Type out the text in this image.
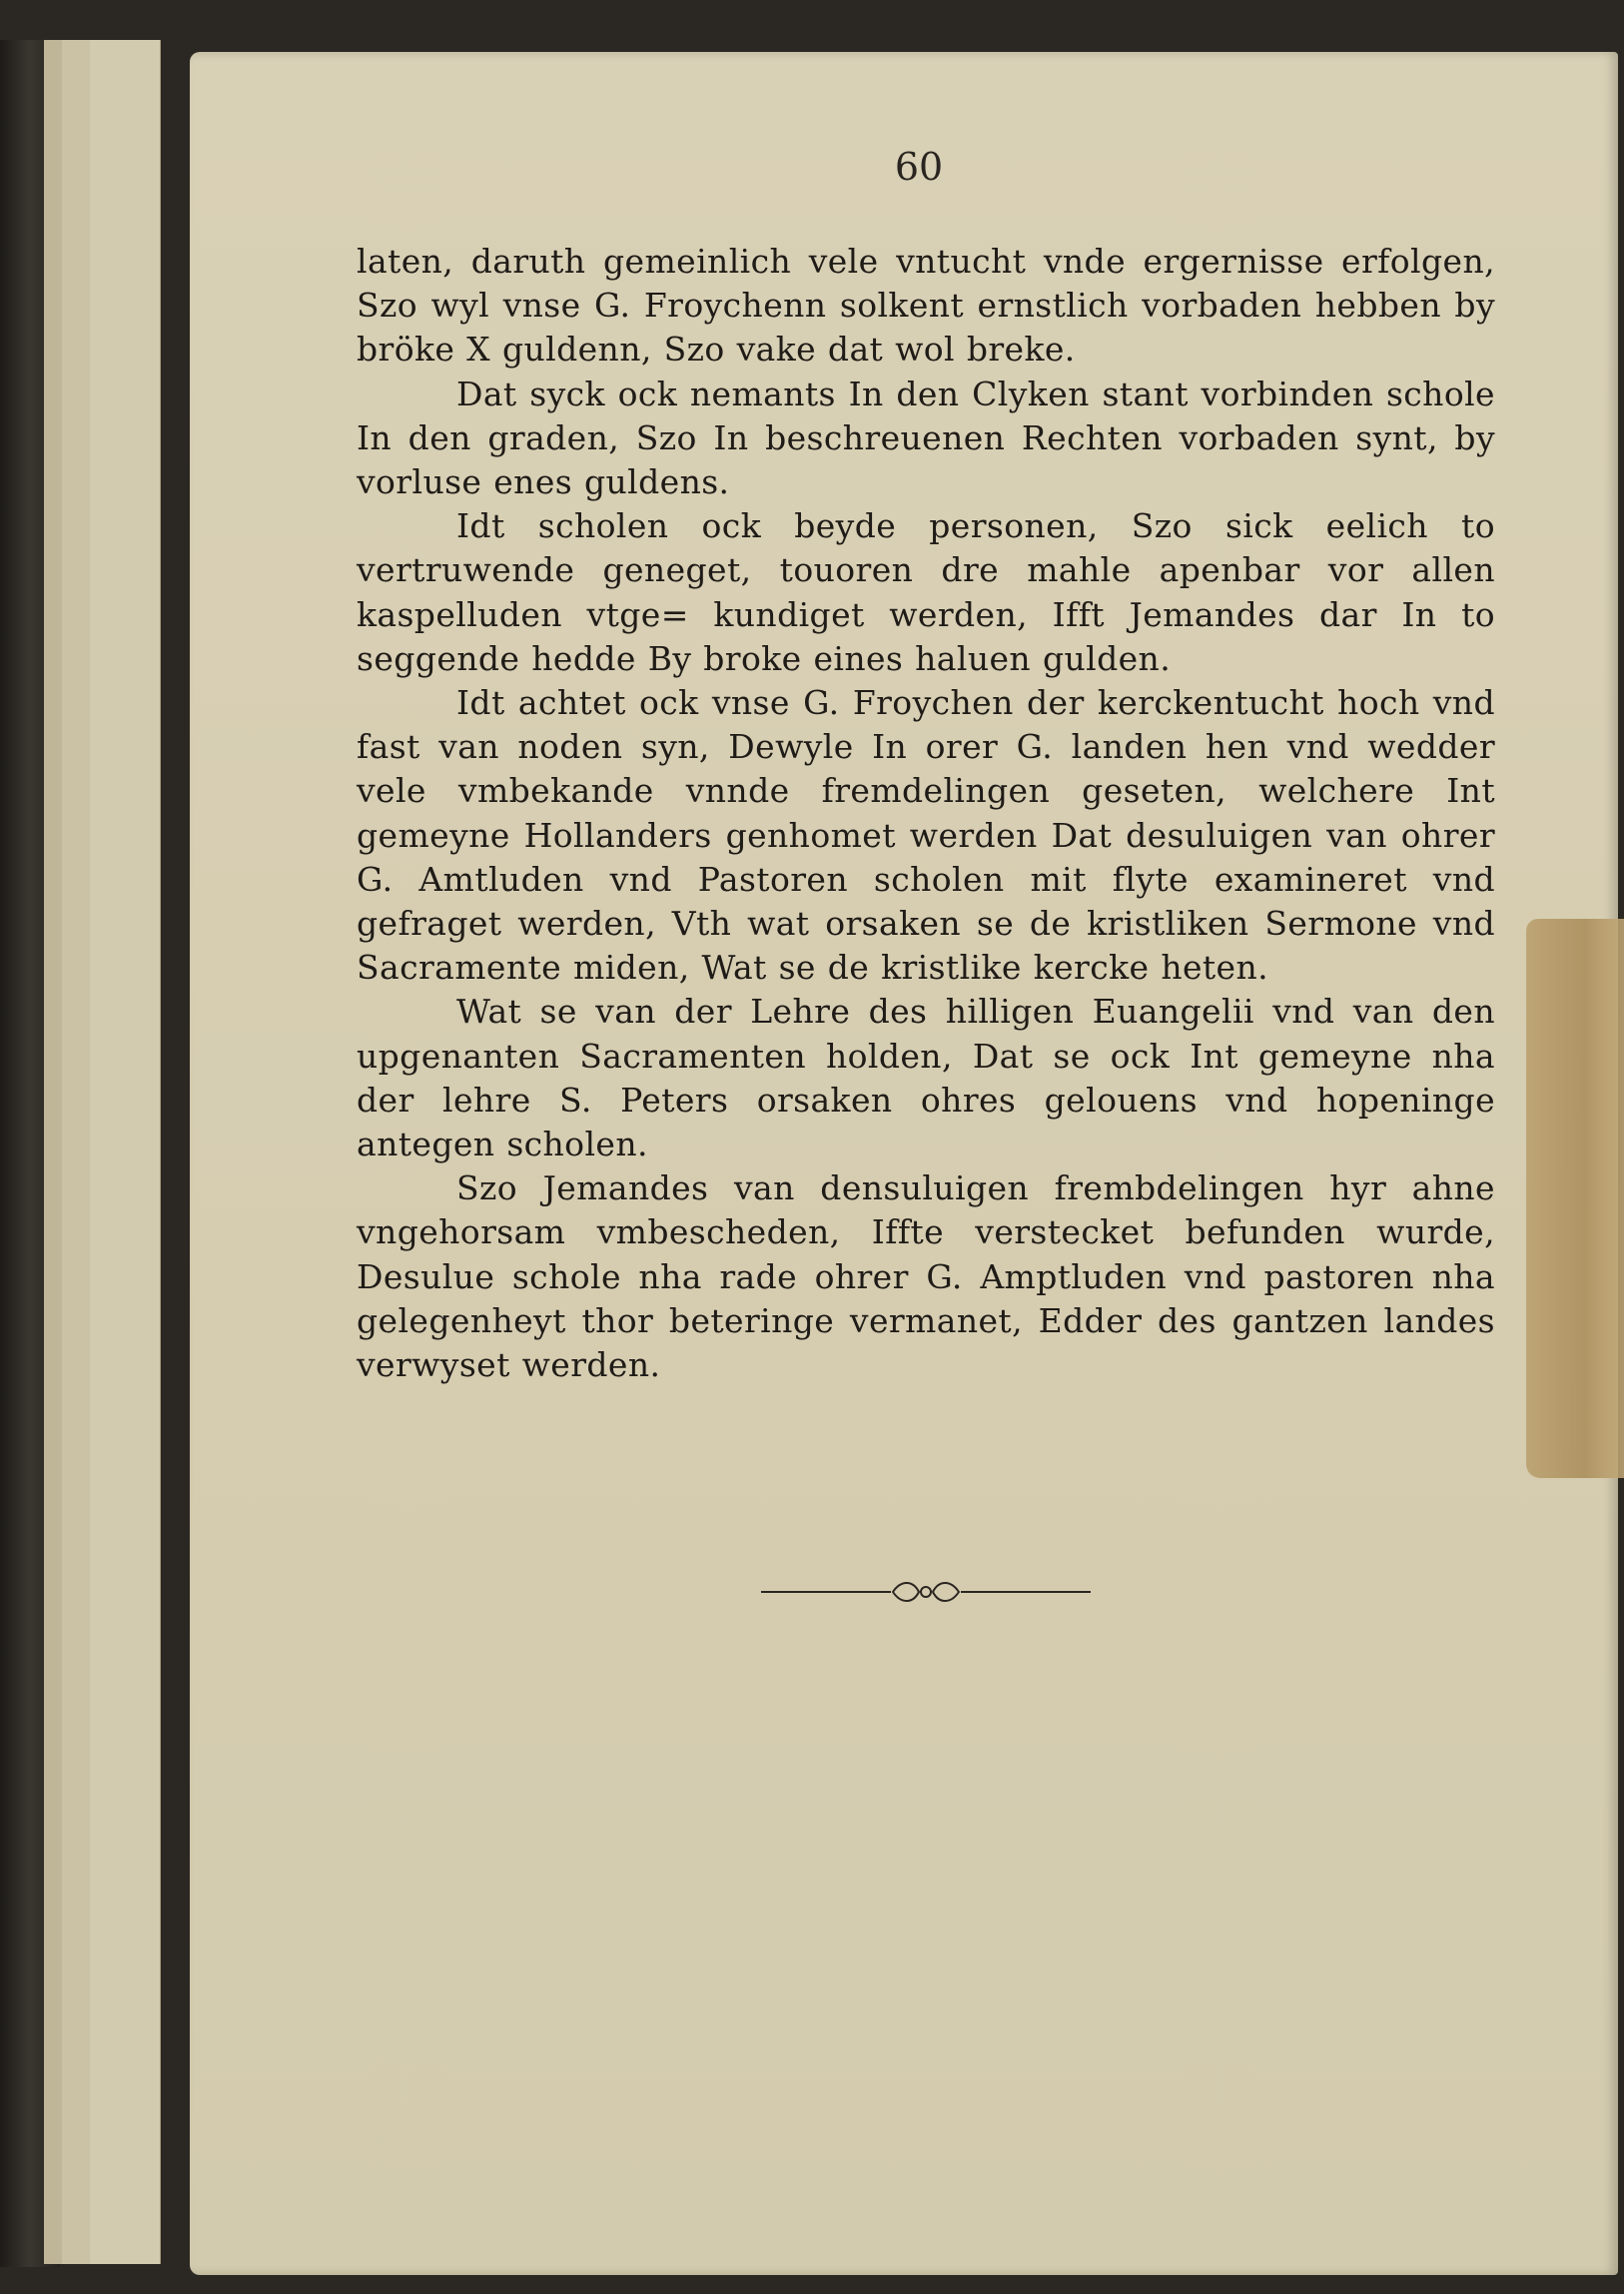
60

laten, daruth gemeinlich vele vntucht vnde ergernisse erfolgen, Szo wyl vnse G. Froychenn solkent ernstlich vorbaden hebben by bröke X guldenn, Szo vake dat wol breke.

Dat syck ock nemants In den Clyken stant vorbinden schole In den graden, Szo In beschreuenen Rechten vorbaden synt, by vorluse enes guldens.

Idt scholen ock beyde personen, Szo sick eelich to vertruwende geneget, touoren dre mahle apenbar vor allen kaspelluden vtge= kundiget werden, Ifft Jemandes dar In to seggende hedde By broke eines haluen gulden.

Idt achtet ock vnse G. Froychen der kerckentucht hoch vnd fast van noden syn, Dewyle In orer G. landen hen vnd wedder vele vmbekande vnnde fremdelingen geseten, welchere Int gemeyne Hollanders genhomet werden Dat desuluigen van ohrer G. Amtluden vnd Pastoren scholen mit flyte examineret vnd gefraget werden, Vth wat orsaken se de kristliken Sermone vnd Sacramente miden, Wat se de kristlike kercke heten.

Wat se van der Lehre des hilligen Euangelii vnd van den upgenanten Sacramenten holden, Dat se ock Int gemeyne nha der lehre S. Peters orsaken ohres gelouens vnd hopeninge antegen scholen.

Szo Jemandes van densuluigen frembdelingen hyr ahne vngehorsam vmbescheden, Iffte verstecket befunden wurde, Desulue schole nha rade ohrer G. Amptluden vnd pastoren nha gelegenheyt thor beteringe vermanet, Edder des gantzen landes verwyset werden.
